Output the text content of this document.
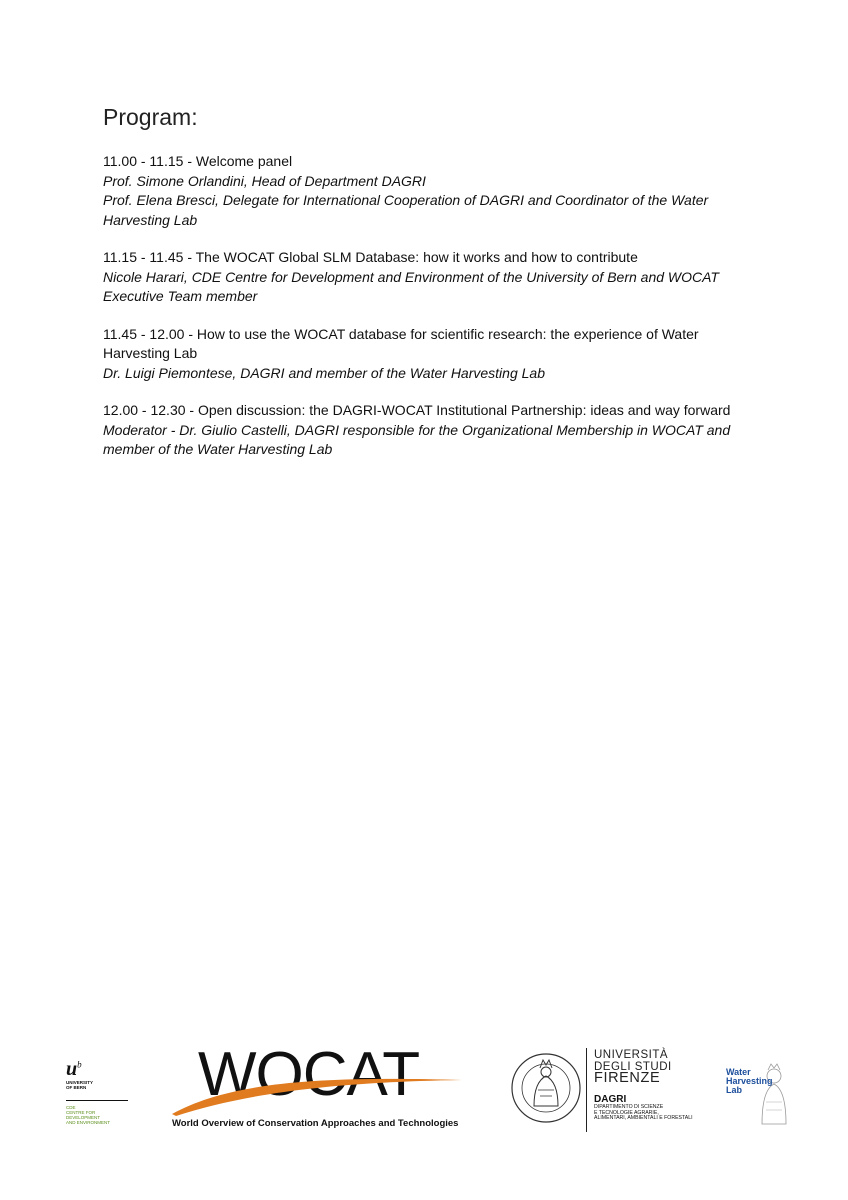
Program:
11.00 - 11.15 - Welcome panel
Prof. Simone Orlandini, Head of Department DAGRI
Prof. Elena Bresci, Delegate for International Cooperation of DAGRI and Coordinator of the Water
Harvesting Lab
11.15 - 11.45 - The WOCAT Global SLM Database: how it works and how to contribute
Nicole Harari, CDE Centre for Development and Environment of the University of Bern and WOCAT
Executive Team member
11.45 - 12.00 - How to use the WOCAT database for scientific research: the experience of Water
Harvesting Lab
Dr. Luigi Piemontese, DAGRI and member of the Water Harvesting Lab
12.00 - 12.30 - Open discussion: the DAGRI-WOCAT Institutional Partnership: ideas and way forward
Moderator - Dr. Giulio Castelli, DAGRI responsible for the Organizational Membership in WOCAT and
member of the Water Harvesting Lab
$u^b$
UNIVERSITY
OF BERN
CDE
CENTRE FOR DEVELOPMENT
AND ENVIRONMENT
WOCAT
World Overview of Conservation Approaches and Technologies
UNIVERSITÀ
DEGLI STUDI
FIRENZE
DAGRI
DIPARTIMENTO DI SCIENZE
E TECNOLOGIE AGRARIE,
ALIMENTARI, AMBIENTALI E FORESTALI
Water
Harvesting
Lab
